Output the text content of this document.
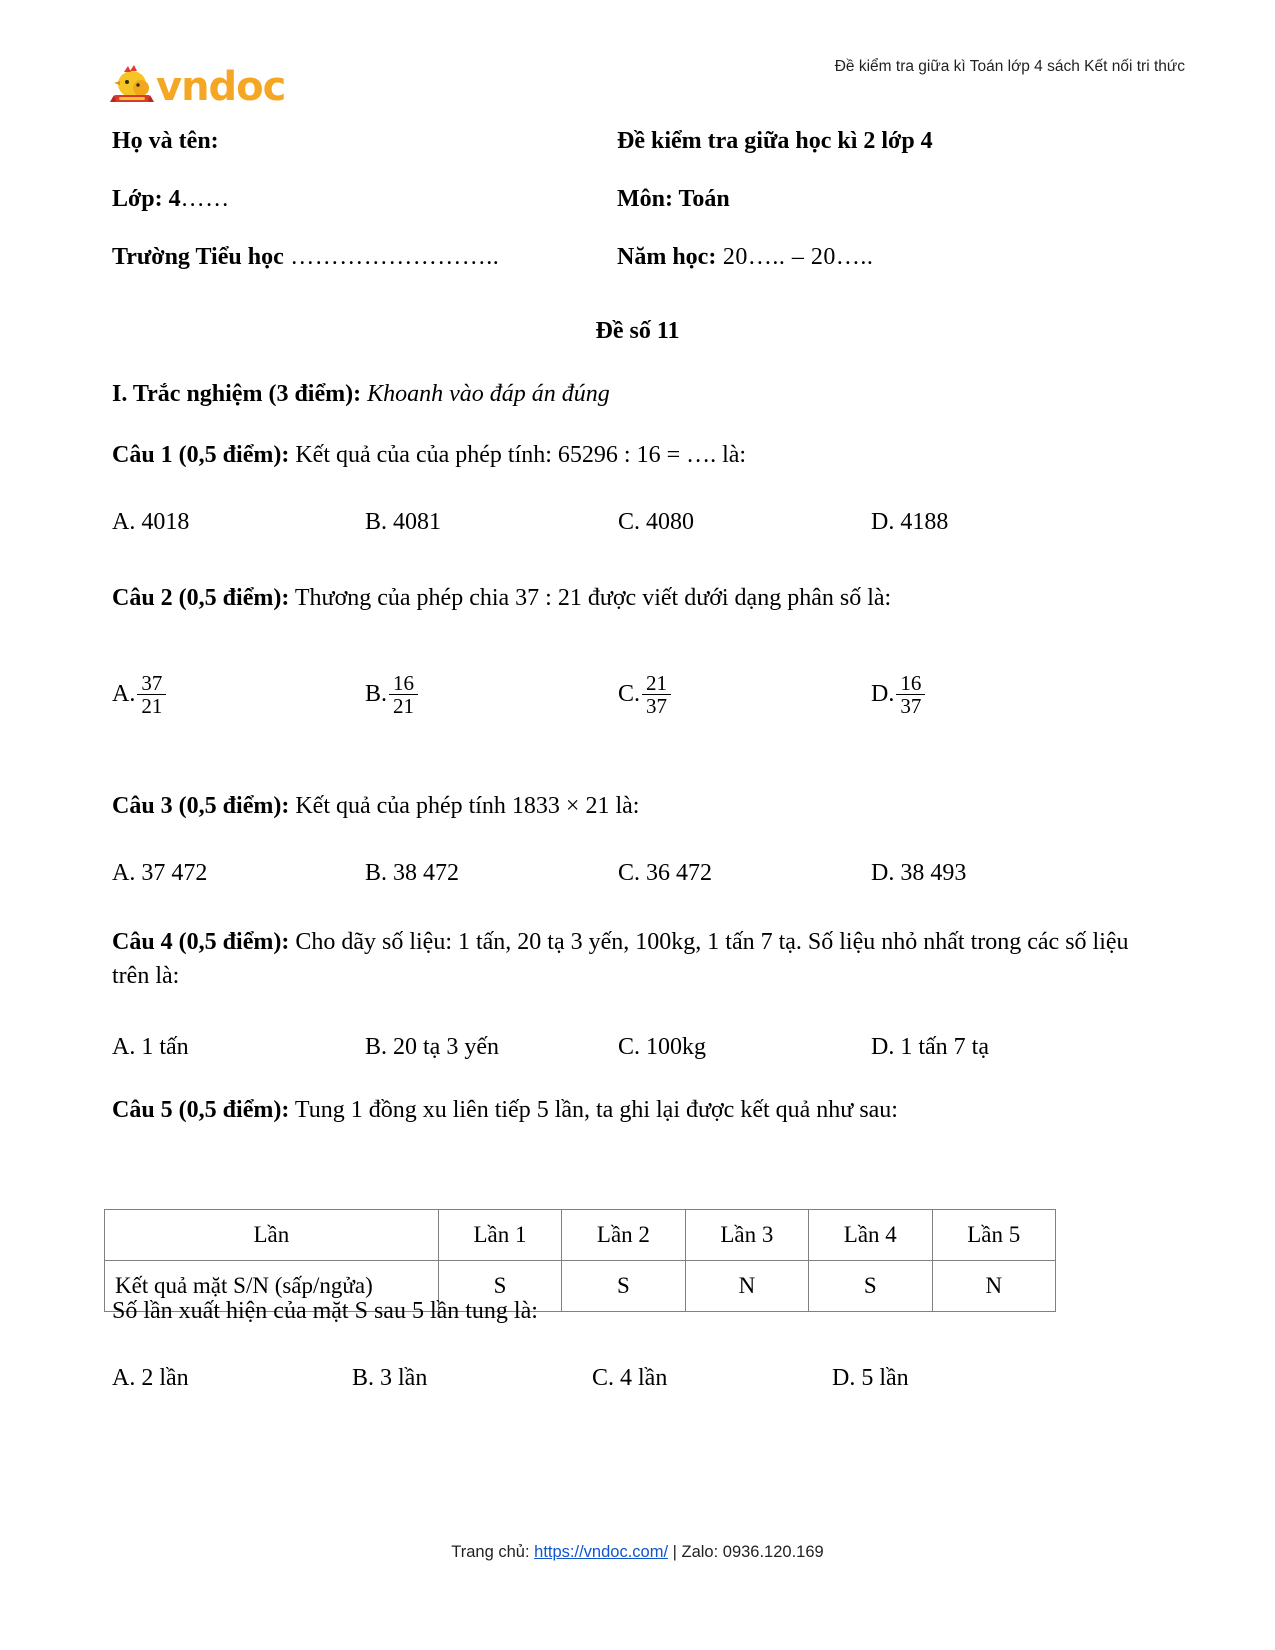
vndoc	Đề kiểm tra giữa kì Toán lớp 4 sách Kết nối tri thức
Họ và tên:	Đề kiểm tra giữa học kì 2 lớp 4
Lớp: 4……	Môn: Toán
Trường Tiểu học ……………………..	Năm học: 20….. – 20…..
Đề số 11
I. Trắc nghiệm (3 điểm): Khoanh vào đáp án đúng
Câu 1 (0,5 điểm): Kết quả của của phép tính: 65296 : 16 = …. là:
A. 4018	B. 4081	C. 4080	D. 4188
Câu 2 (0,5 điểm): Thương của phép chia 37 : 21 được viết dưới dạng phân số là:
A. $\frac{37}{21}$	B. $\frac{16}{21}$	C. $\frac{21}{37}$	D. $\frac{16}{37}$
Câu 3 (0,5 điểm): Kết quả của phép tính 1833 × 21 là:
A. 37 472	B. 38 472	C. 36 472	D. 38 493
Câu 4 (0,5 điểm): Cho dãy số liệu: 1 tấn, 20 tạ 3 yến, 100kg, 1 tấn 7 tạ. Số liệu nhỏ nhất trong các số liệu trên là:
A. 1 tấn	B. 20 tạ 3 yến	C. 100kg	D. 1 tấn 7 tạ
Câu 5 (0,5 điểm): Tung 1 đồng xu liên tiếp 5 lần, ta ghi lại được kết quả như sau:
Lần	Lần 1	Lần 2	Lần 3	Lần 4	Lần 5
Kết quả mặt S/N (sấp/ngửa)	S	S	N	S	N
Số lần xuất hiện của mặt S sau 5 lần tung là:
A. 2 lần	B. 3 lần	C. 4 lần	D. 5 lần
Trang chủ: https://vndoc.com/ | Zalo: 0936.120.169
